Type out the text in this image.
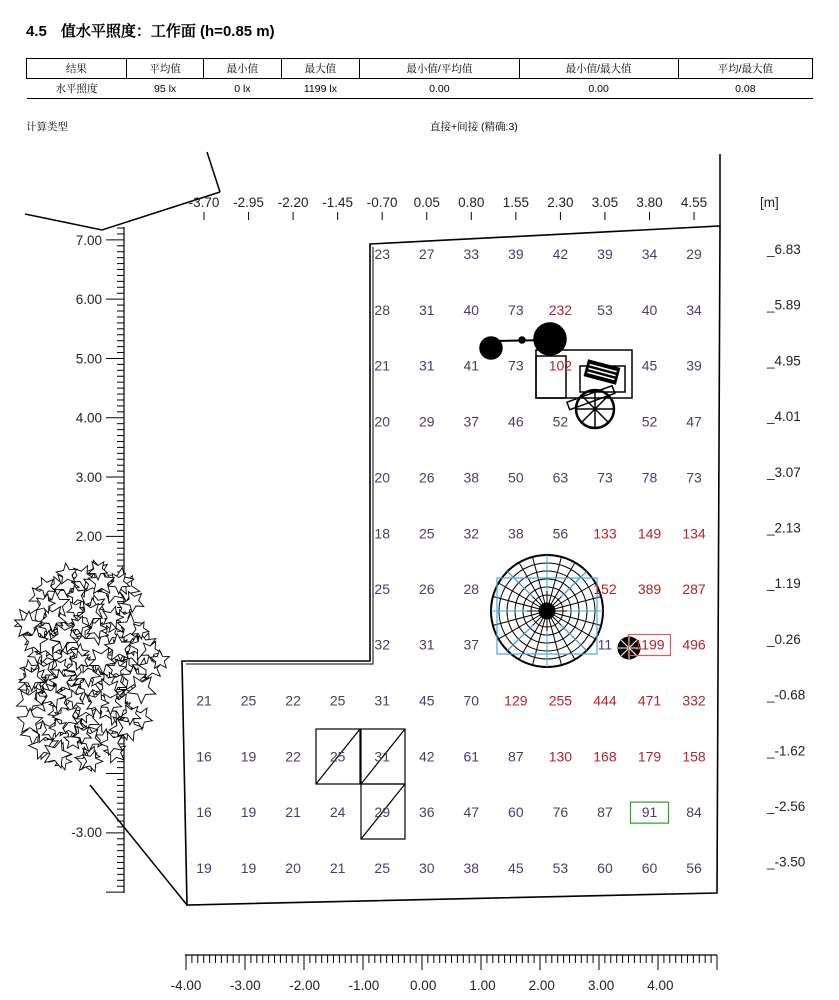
4.5 值水平照度：工作面 (h=0.85 m)
结果	平均值	最小值	最大值	最小值/平均值	最小值/最大值	平均/最大值
水平照度	95 lx	0 lx	1199 lx	0.00	0.00	0.08
计算类型	直接+间接 (精确:3)
-3.70 -2.95 -2.20 -1.45 -0.70 0.05 0.80 1.55 2.30 3.05 3.80 4.55	[m]
7.00
6.00
5.00
4.00
3.00
2.00
-3.00
_6.83
_5.89
_4.95
_4.01
_3.07
_2.13
_1.19
_0.26
_-0.68
_-1.62
_-2.56
_-3.50
-4.00 -3.00 -2.00 -1.00 0.00 1.00 2.00 3.00 4.00
23 27 33 39 42 39 34 29
28 31 40 73 232 53 40 34
21 31 41 73 102	45 39
20 29 37 46 52	52 47
20 26 38 50 63 73 78 73
18 25 32 38 56 133 149 134
25 26 28	152 389 287
32 31 37	11 1199 496
21 25 22 25 31 45 70 129 255 444 471 332
16 19 22 25 31 42 61 87 130 168 179 158
16 19 21 24 29 36 47 60 76 87 91 84
19 19 20 21 25 30 38 45 53 60 60 56
